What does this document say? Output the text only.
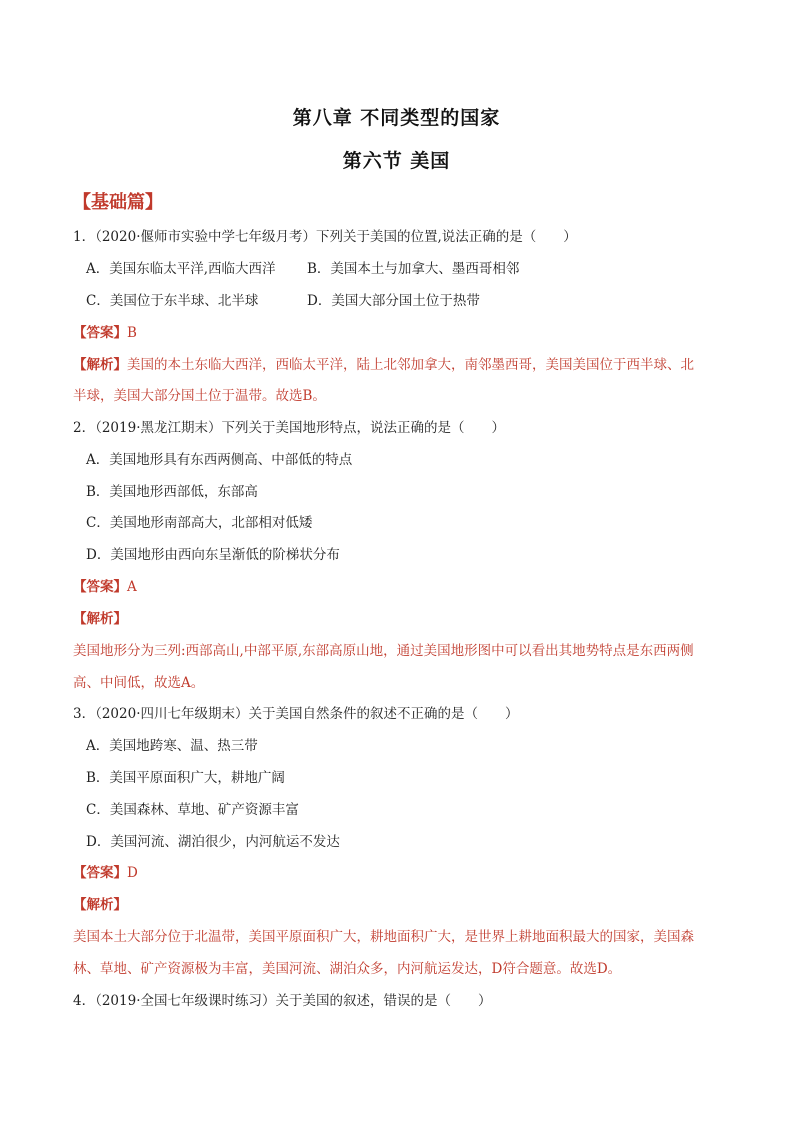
第八章 不同类型的国家
第六节 美国
【基础篇】
1．（2020·偃师市实验中学七年级月考）下列关于美国的位置,说法正确的是（　　）
A．美国东临太平洋,西临大西洋 B．美国本土与加拿大、墨西哥相邻
C．美国位于东半球、北半球	D．美国大部分国土位于热带
【答案】B
【解析】美国的本土东临大西洋，西临太平洋，陆上北邻加拿大，南邻墨西哥，美国美国位于西半球、北
半球，美国大部分国土位于温带。故选B。
2．（2019·黑龙江期末）下列关于美国地形特点，说法正确的是（　　）
A．美国地形具有东西两侧高、中部低的特点
B．美国地形西部低，东部高
C．美国地形南部高大，北部相对低矮
D．美国地形由西向东呈渐低的阶梯状分布
【答案】A
【解析】
美国地形分为三列:西部高山,中部平原,东部高原山地，通过美国地形图中可以看出其地势特点是东西两侧
高、中间低，故选A。
3．（2020·四川七年级期末）关于美国自然条件的叙述不正确的是（　　）
A．美国地跨寒、温、热三带
B．美国平原面积广大，耕地广阔
C．美国森林、草地、矿产资源丰富
D．美国河流、湖泊很少，内河航运不发达
【答案】D
【解析】
美国本土大部分位于北温带，美国平原面积广大，耕地面积广大，是世界上耕地面积最大的国家，美国森
林、草地、矿产资源极为丰富，美国河流、湖泊众多，内河航运发达，D符合题意。故选D。
4．（2019·全国七年级课时练习）关于美国的叙述，错误的是（　　）
